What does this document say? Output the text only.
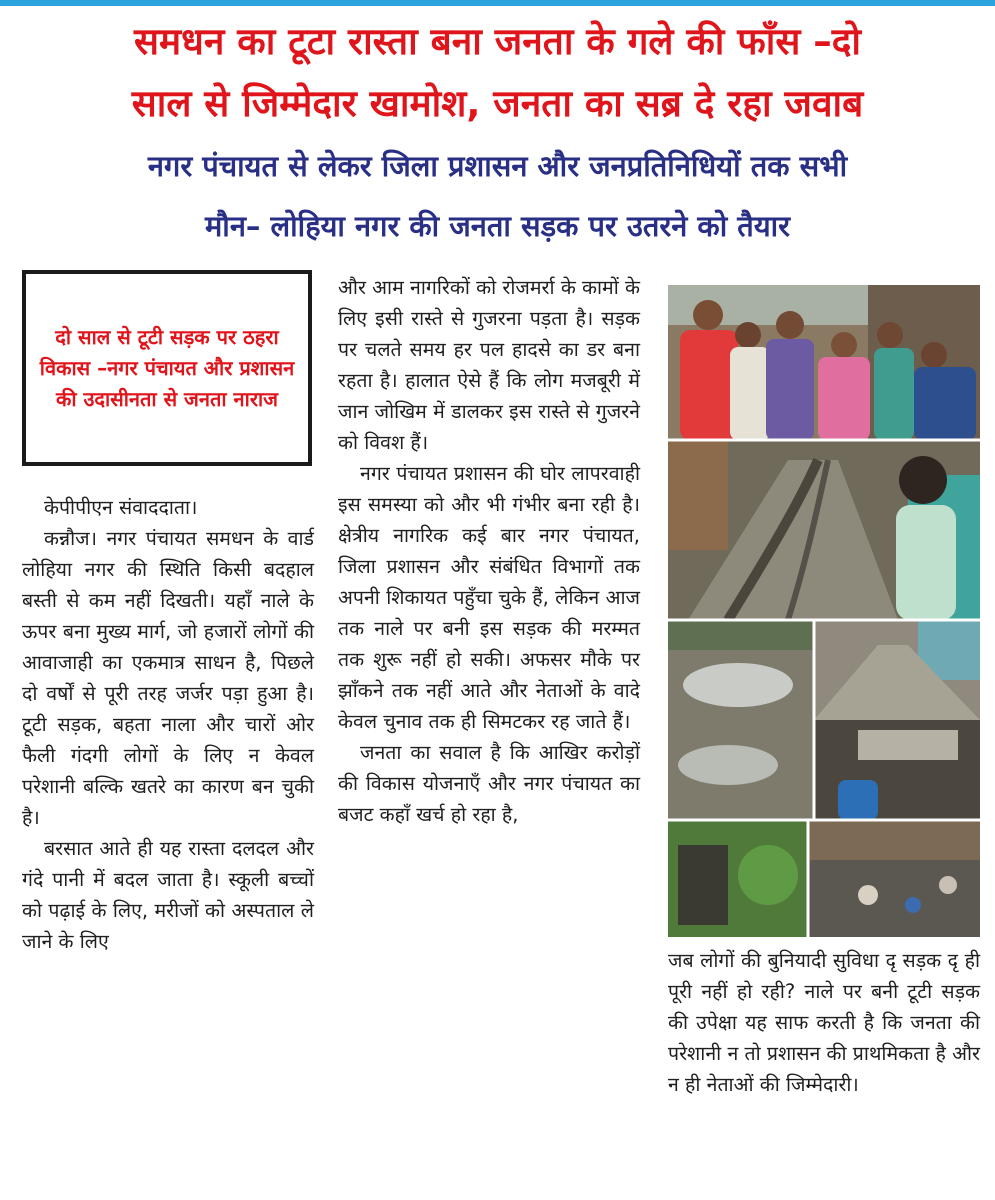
समधन का टूटा रास्ता बना जनता के गले की फाँस –दो
साल से जिम्मेदार खामोश, जनता का सब्र दे रहा जवाब
नगर पंचायत से लेकर जिला प्रशासन और जनप्रतिनिधियों तक सभी
मौन– लोहिया नगर की जनता सड़क पर उतरने को तैयार

दो साल से टूटी सड़क पर ठहरा विकास –नगर पंचायत और प्रशासन की उदासीनता से जनता नाराज

केपीपीएन संवाददाता।

कन्नौज। नगर पंचायत समधन के वार्ड लोहिया नगर की स्थिति किसी बदहाल बस्ती से कम नहीं दिखती। यहाँ नाले के ऊपर बना मुख्य मार्ग, जो हजारों लोगों की आवाजाही का एकमात्र साधन है, पिछले दो वर्षों से पूरी तरह जर्जर पड़ा हुआ है। टूटी सड़क, बहता नाला और चारों ओर फैली गंदगी लोगों के लिए न केवल परेशानी बल्कि खतरे का कारण बन चुकी है।

बरसात आते ही यह रास्ता दलदल और गंदे पानी में बदल जाता है। स्कूली बच्चों को पढ़ाई के लिए, मरीजों को अस्पताल ले जाने के लिए

और आम नागरिकों को रोजमर्रा के कामों के लिए इसी रास्ते से गुजरना पड़ता है। सड़क पर चलते समय हर पल हादसे का डर बना रहता है। हालात ऐसे हैं कि लोग मजबूरी में जान जोखिम में डालकर इस रास्ते से गुजरने को विवश हैं।

नगर पंचायत प्रशासन की घोर लापरवाही इस समस्या को और भी गंभीर बना रही है। क्षेत्रीय नागरिक कई बार नगर पंचायत, जिला प्रशासन और संबंधित विभागों तक अपनी शिकायत पहुँचा चुके हैं, लेकिन आज तक नाले पर बनी इस सड़क की मरम्मत तक शुरू नहीं हो सकी। अफसर मौके पर झाँकने तक नहीं आते और नेताओं के वादे केवल चुनाव तक ही सिमटकर रह जाते हैं।

जनता का सवाल है कि आखिर करोड़ों की विकास योजनाएँ और नगर पंचायत का बजट कहाँ खर्च हो रहा है,

जब लोगों की बुनियादी सुविधा दृ सड़क दृ ही पूरी नहीं हो रही? नाले पर बनी टूटी सड़क की उपेक्षा यह साफ करती है कि जनता की परेशानी न तो प्रशासन की प्राथमिकता है और न ही नेताओं की जिम्मेदारी।
